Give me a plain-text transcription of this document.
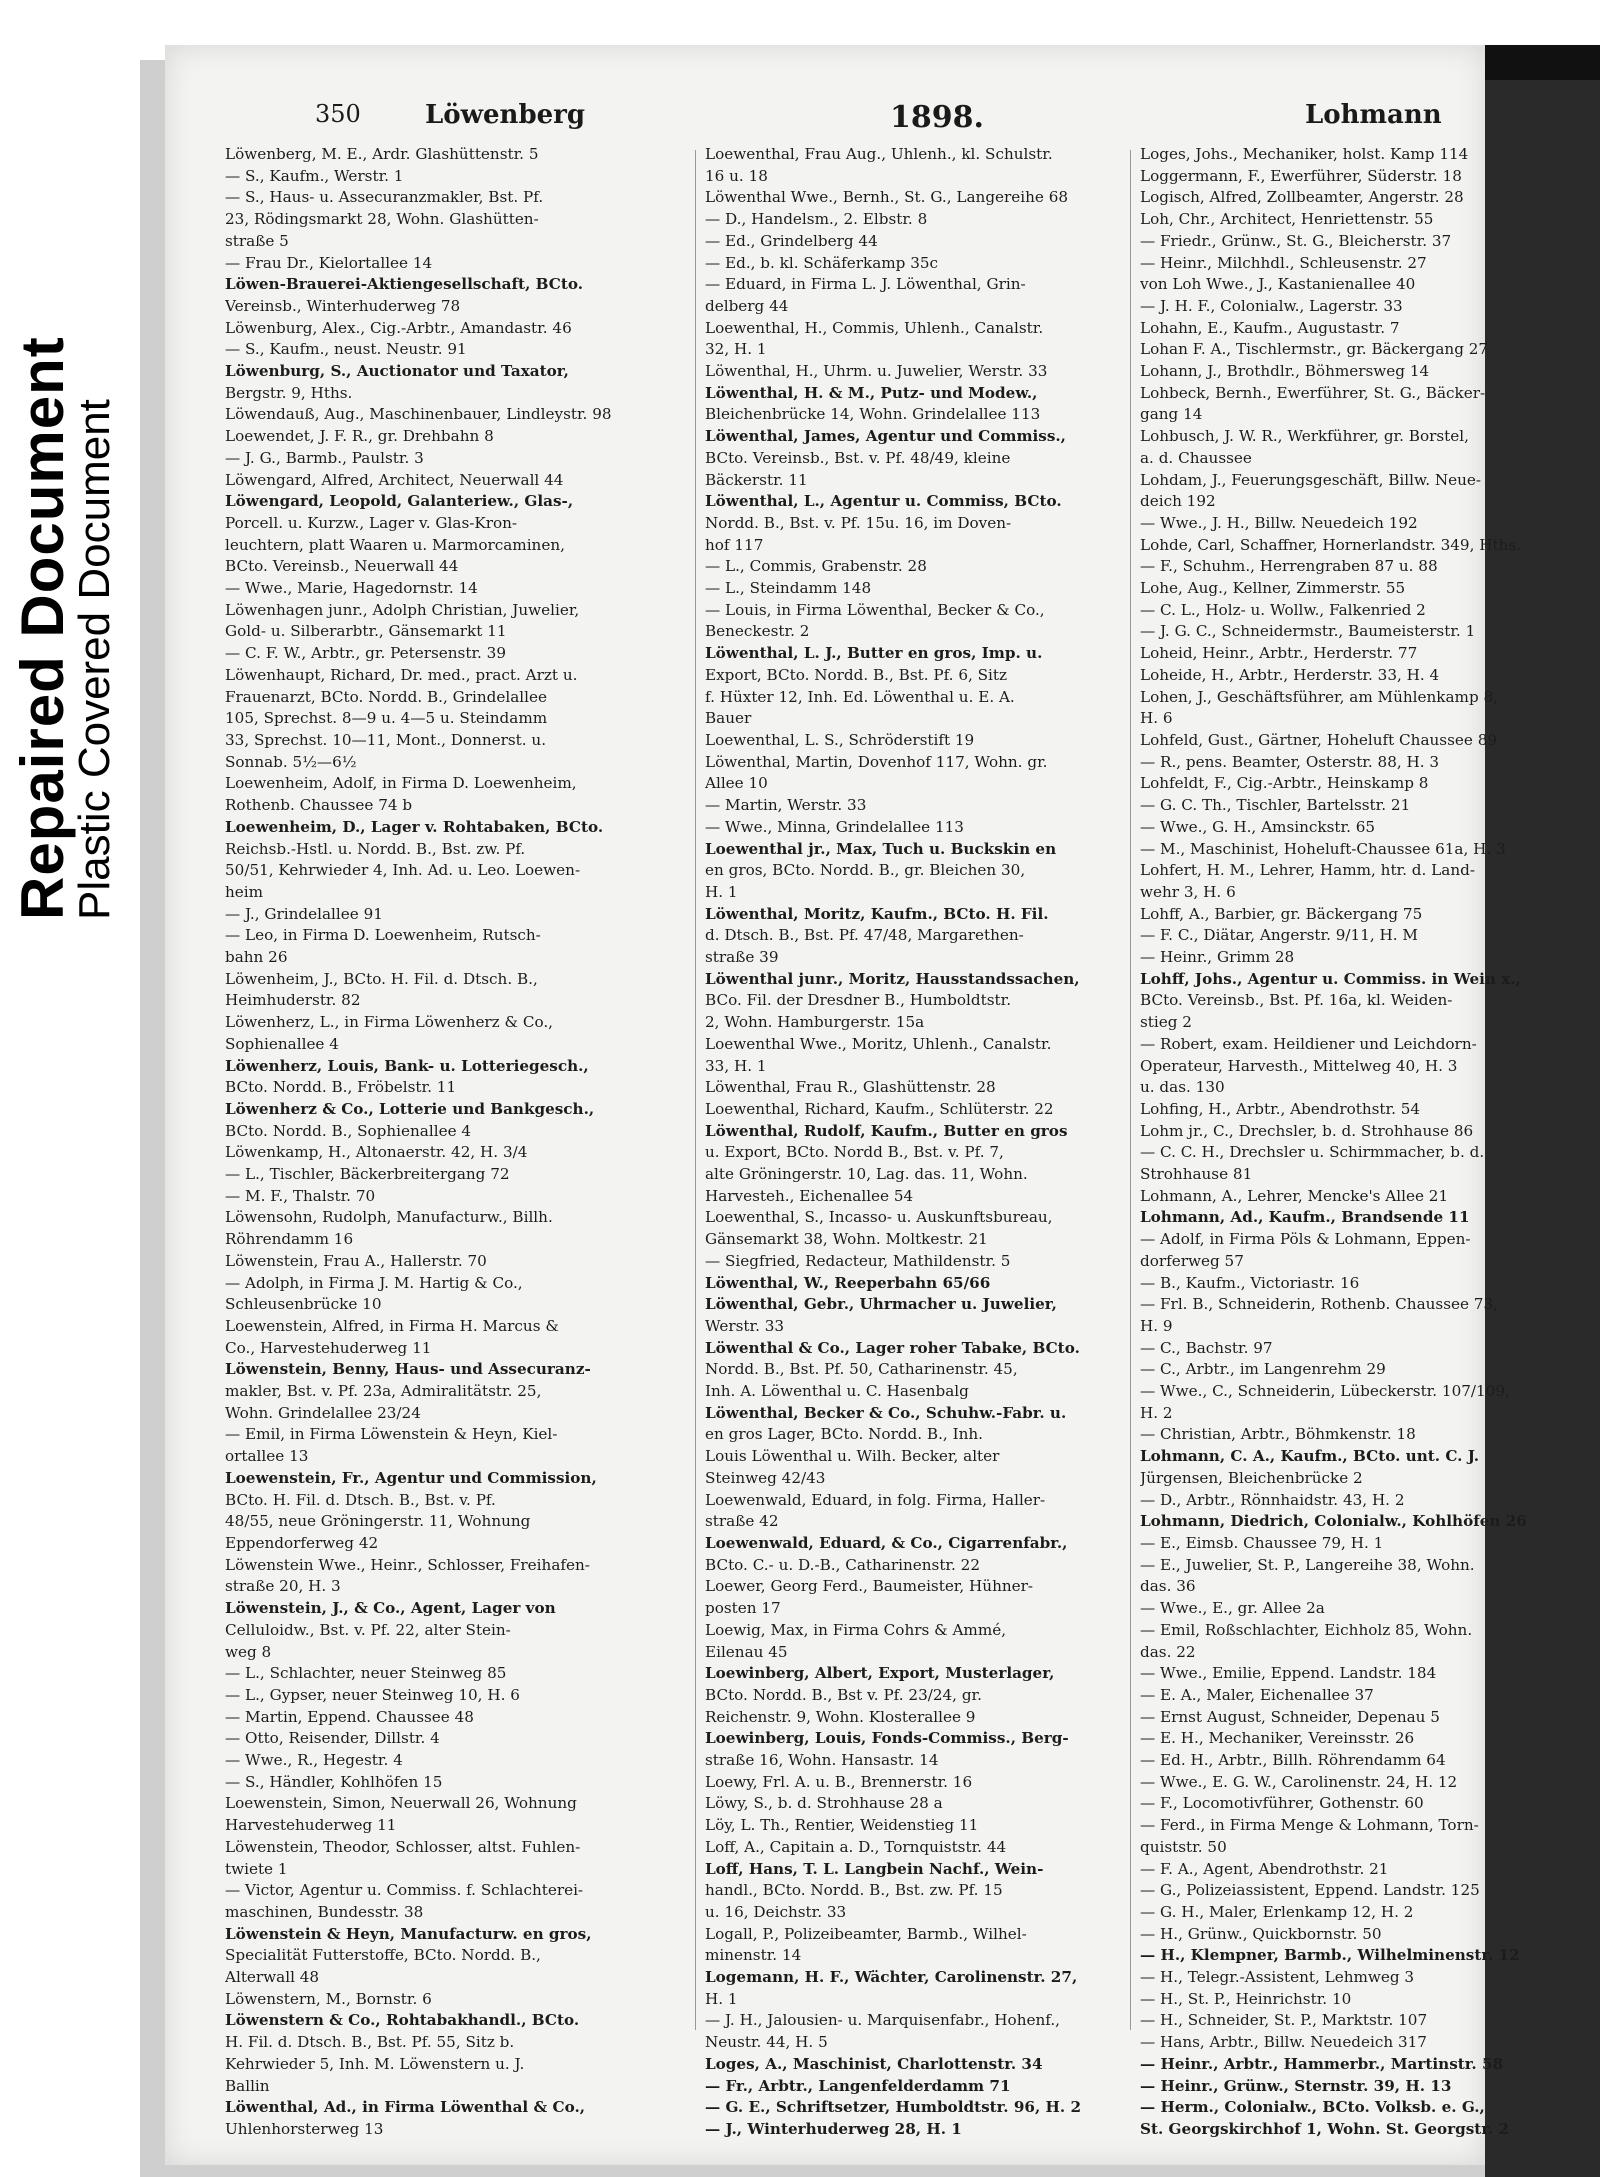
Repaired Document
Plastic Covered Document
350 Löwenberg	1898.	Lohmann
Löwenberg, M. E., Ardr. Glashüttenstr. 5
— S., Kaufm., Werstr. 1
— S., Haus- u. Assecuranzmakler, Bst. Pf.
23, Rödingsmarkt 28, Wohn. Glashütten-
straße 5
— Frau Dr., Kielortallee 14
Löwen-Brauerei-Aktiengesellschaft, BCto.
Vereinsb., Winterhuderweg 78
Löwenburg, Alex., Cig.-Arbtr., Amandastr. 46
— S., Kaufm., neust. Neustr. 91
Löwenburg, S., Auctionator und Taxator,
Bergstr. 9, Hths.
Löwendauß, Aug., Maschinenbauer, Lindleystr. 98
Loewendet, J. F. R., gr. Drehbahn 8
— J. G., Barmb., Paulstr. 3
Löwengard, Alfred, Architect, Neuerwall 44
Löwengard, Leopold, Galanteriew., Glas-,
Porcell. u. Kurzw., Lager v. Glas-Kron-
leuchtern, platt Waaren u. Marmorcaminen,
BCto. Vereinsb., Neuerwall 44
— Wwe., Marie, Hagedornstr. 14
Löwenhagen junr., Adolph Christian, Juwelier,
Gold- u. Silberarbtr., Gänsemarkt 11
— C. F. W., Arbtr., gr. Petersenstr. 39
Löwenhaupt, Richard, Dr. med., pract. Arzt u.
Frauenarzt, BCto. Nordd. B., Grindelallee
105, Sprechst. 8—9 u. 4—5 u. Steindamm
33, Sprechst. 10—11, Mont., Donnerst. u.
Sonnab. 5½—6½
Loewenheim, Adolf, in Firma D. Loewenheim,
Rothenb. Chaussee 74 b
Loewenheim, D., Lager v. Rohtabaken, BCto.
Reichsb.-Hstl. u. Nordd. B., Bst. zw. Pf.
50/51, Kehrwieder 4, Inh. Ad. u. Leo. Loewen-
heim
— J., Grindelallee 91
— Leo, in Firma D. Loewenheim, Rutsch-
bahn 26
Löwenheim, J., BCto. H. Fil. d. Dtsch. B.,
Heimhuderstr. 82
Löwenherz, L., in Firma Löwenherz & Co.,
Sophienallee 4
Löwenherz, Louis, Bank- u. Lotteriegesch.,
BCto. Nordd. B., Fröbelstr. 11
Löwenherz & Co., Lotterie und Bankgesch.,
BCto. Nordd. B., Sophienallee 4
Löwenkamp, H., Altonaerstr. 42, H. 3/4
— L., Tischler, Bäckerbreitergang 72
— M. F., Thalstr. 70
Löwensohn, Rudolph, Manufacturw., Billh.
Röhrendamm 16
Löwenstein, Frau A., Hallerstr. 70
— Adolph, in Firma J. M. Hartig & Co.,
Schleusenbrücke 10
Loewenstein, Alfred, in Firma H. Marcus &
Co., Harvestehuderweg 11
Löwenstein, Benny, Haus- und Assecuranz-
makler, Bst. v. Pf. 23a, Admiralitätstr. 25,
Wohn. Grindelallee 23/24
— Emil, in Firma Löwenstein & Heyn, Kiel-
ortallee 13
Loewenstein, Fr., Agentur und Commission,
BCto. H. Fil. d. Dtsch. B., Bst. v. Pf.
48/55, neue Gröningerstr. 11, Wohnung
Eppendorferweg 42
Löwenstein Wwe., Heinr., Schlosser, Freihafen-
straße 20, H. 3
Löwenstein, J., & Co., Agent, Lager von
Celluloidw., Bst. v. Pf. 22, alter Stein-
weg 8
— L., Schlachter, neuer Steinweg 85
— L., Gypser, neuer Steinweg 10, H. 6
— Martin, Eppend. Chaussee 48
— Otto, Reisender, Dillstr. 4
— Wwe., R., Hegestr. 4
— S., Händler, Kohlhöfen 15
Loewenstein, Simon, Neuerwall 26, Wohnung
Harvestehuderweg 11
Löwenstein, Theodor, Schlosser, altst. Fuhlen-
twiete 1
— Victor, Agentur u. Commiss. f. Schlachterei-
maschinen, Bundesstr. 38
Löwenstein & Heyn, Manufacturw. en gros,
Specialität Futterstoffe, BCto. Nordd. B.,
Alterwall 48
Löwenstern, M., Bornstr. 6
Löwenstern & Co., Rohtabakhandl., BCto.
H. Fil. d. Dtsch. B., Bst. Pf. 55, Sitz b.
Kehrwieder 5, Inh. M. Löwenstern u. J.
Ballin
Löwenthal, Ad., in Firma Löwenthal & Co.,
Uhlenhorsterweg 13
Loewenthal, Frau Aug., Uhlenh., kl. Schulstr.
16 u. 18
Löwenthal Wwe., Bernh., St. G., Langereihe 68
— D., Handelsm., 2. Elbstr. 8
— Ed., Grindelberg 44
— Ed., b. kl. Schäferkamp 35c
— Eduard, in Firma L. J. Löwenthal, Grin-
delberg 44
Loewenthal, H., Commis, Uhlenh., Canalstr.
32, H. 1
Löwenthal, H., Uhrm. u. Juwelier, Werstr. 33
Löwenthal, H. & M., Putz- und Modew.,
Bleichenbrücke 14, Wohn. Grindelallee 113
Löwenthal, James, Agentur und Commiss.,
BCto. Vereinsb., Bst. v. Pf. 48/49, kleine
Bäckerstr. 11
Löwenthal, L., Agentur u. Commiss, BCto.
Nordd. B., Bst. v. Pf. 15u. 16, im Doven-
hof 117
— L., Commis, Grabenstr. 28
— L., Steindamm 148
— Louis, in Firma Löwenthal, Becker & Co.,
Beneckestr. 2
Löwenthal, L. J., Butter en gros, Imp. u.
Export, BCto. Nordd. B., Bst. Pf. 6, Sitz
f. Hüxter 12, Inh. Ed. Löwenthal u. E. A.
Bauer
Loewenthal, L. S., Schröderstift 19
Löwenthal, Martin, Dovenhof 117, Wohn. gr.
Allee 10
— Martin, Werstr. 33
— Wwe., Minna, Grindelallee 113
Loewenthal jr., Max, Tuch u. Buckskin en
en gros, BCto. Nordd. B., gr. Bleichen 30,
H. 1
Löwenthal, Moritz, Kaufm., BCto. H. Fil.
d. Dtsch. B., Bst. Pf. 47/48, Margarethen-
straße 39
Löwenthal junr., Moritz, Hausstandssachen,
BCo. Fil. der Dresdner B., Humboldtstr.
2, Wohn. Hamburgerstr. 15a
Loewenthal Wwe., Moritz, Uhlenh., Canalstr.
33, H. 1
Löwenthal, Frau R., Glashüttenstr. 28
Loewenthal, Richard, Kaufm., Schlüterstr. 22
Löwenthal, Rudolf, Kaufm., Butter en gros
u. Export, BCto. Nordd B., Bst. v. Pf. 7,
alte Gröningerstr. 10, Lag. das. 11, Wohn.
Harvesteh., Eichenallee 54
Loewenthal, S., Incasso- u. Auskunftsbureau,
Gänsemarkt 38, Wohn. Moltkestr. 21
— Siegfried, Redacteur, Mathildenstr. 5
Löwenthal, W., Reeperbahn 65/66
Löwenthal, Gebr., Uhrmacher u. Juwelier,
Werstr. 33
Löwenthal & Co., Lager roher Tabake, BCto.
Nordd. B., Bst. Pf. 50, Catharinenstr. 45,
Inh. A. Löwenthal u. C. Hasenbalg
Löwenthal, Becker & Co., Schuhw.-Fabr. u.
en gros Lager, BCto. Nordd. B., Inh.
Louis Löwenthal u. Wilh. Becker, alter
Steinweg 42/43
Loewenwald, Eduard, in folg. Firma, Haller-
straße 42
Loewenwald, Eduard, & Co., Cigarrenfabr.,
BCto. C.- u. D.-B., Catharinenstr. 22
Loewer, Georg Ferd., Baumeister, Hühner-
posten 17
Loewig, Max, in Firma Cohrs & Ammé,
Eilenau 45
Loewinberg, Albert, Export, Musterlager,
BCto. Nordd. B., Bst v. Pf. 23/24, gr.
Reichenstr. 9, Wohn. Klosterallee 9
Loewinberg, Louis, Fonds-Commiss., Berg-
straße 16, Wohn. Hansastr. 14
Loewy, Frl. A. u. B., Brennerstr. 16
Löwy, S., b. d. Strohhause 28 a
Löy, L. Th., Rentier, Weidenstieg 11
Loff, A., Capitain a. D., Tornquiststr. 44
Loff, Hans, T. L. Langbein Nachf., Wein-
handl., BCto. Nordd. B., Bst. zw. Pf. 15
u. 16, Deichstr. 33
Logall, P., Polizeibeamter, Barmb., Wilhel-
minenstr. 14
Logemann, H. F., Wächter, Carolinenstr. 27,
H. 1
— J. H., Jalousien- u. Marquisenfabr., Hohenf.,
Neustr. 44, H. 5
Loges, A., Maschinist, Charlottenstr. 34
— Fr., Arbtr., Langenfelderdamm 71
— G. E., Schriftsetzer, Humboldtstr. 96, H. 2
— J., Winterhuderweg 28, H. 1
Loges, Johs., Mechaniker, holst. Kamp 114
Loggermann, F., Ewerführer, Süderstr. 18
Logisch, Alfred, Zollbeamter, Angerstr. 28
Loh, Chr., Architect, Henriettenstr. 55
— Friedr., Grünw., St. G., Bleicherstr. 37
— Heinr., Milchhdl., Schleusenstr. 27
von Loh Wwe., J., Kastanienallee 40
— J. H. F., Colonialw., Lagerstr. 33
Lohahn, E., Kaufm., Augustastr. 7
Lohan F. A., Tischlermstr., gr. Bäckergang 27
Lohann, J., Brothdlr., Böhmersweg 14
Lohbeck, Bernh., Ewerführer, St. G., Bäcker-
gang 14
Lohbusch, J. W. R., Werkführer, gr. Borstel,
a. d. Chaussee
Lohdam, J., Feuerungsgeschäft, Billw. Neue-
deich 192
— Wwe., J. H., Billw. Neuedeich 192
Lohde, Carl, Schaffner, Hornerlandstr. 349, Hths.
— F., Schuhm., Herrengraben 87 u. 88
Lohe, Aug., Kellner, Zimmerstr. 55
— C. L., Holz- u. Wollw., Falkenried 2
— J. G. C., Schneidermstr., Baumeisterstr. 1
Loheid, Heinr., Arbtr., Herderstr. 77
Loheide, H., Arbtr., Herderstr. 33, H. 4
Lohen, J., Geschäftsführer, am Mühlenkamp 8,
H. 6
Lohfeld, Gust., Gärtner, Hoheluft Chaussee 89
— R., pens. Beamter, Osterstr. 88, H. 3
Lohfeldt, F., Cig.-Arbtr., Heinskamp 8
— G. C. Th., Tischler, Bartelsstr. 21
— Wwe., G. H., Amsinckstr. 65
— M., Maschinist, Hoheluft-Chaussee 61a, H. 3
Lohfert, H. M., Lehrer, Hamm, htr. d. Land-
wehr 3, H. 6
Lohff, A., Barbier, gr. Bäckergang 75
— F. C., Diätar, Angerstr. 9/11, H. M
— Heinr., Grimm 28
Lohff, Johs., Agentur u. Commiss. in Wein x.,
BCto. Vereinsb., Bst. Pf. 16a, kl. Weiden-
stieg 2
— Robert, exam. Heildiener und Leichdorn-
Operateur, Harvesth., Mittelweg 40, H. 3
u. das. 130
Lohfing, H., Arbtr., Abendrothstr. 54
Lohm jr., C., Drechsler, b. d. Strohhause 86
— C. C. H., Drechsler u. Schirmmacher, b. d.
Strohhause 81
Lohmann, A., Lehrer, Mencke's Allee 21
Lohmann, Ad., Kaufm., Brandsende 11
— Adolf, in Firma Pöls & Lohmann, Eppen-
dorferweg 57
— B., Kaufm., Victoriastr. 16
— Frl. B., Schneiderin, Rothenb. Chaussee 73,
H. 9
— C., Bachstr. 97
— C., Arbtr., im Langenrehm 29
— Wwe., C., Schneiderin, Lübeckerstr. 107/109,
H. 2
— Christian, Arbtr., Böhmkenstr. 18
Lohmann, C. A., Kaufm., BCto. unt. C. J.
Jürgensen, Bleichenbrücke 2
— D., Arbtr., Rönnhaidstr. 43, H. 2
Lohmann, Diedrich, Colonialw., Kohlhöfen 26
— E., Eimsb. Chaussee 79, H. 1
— E., Juwelier, St. P., Langereihe 38, Wohn.
das. 36
— Wwe., E., gr. Allee 2a
— Emil, Roßschlachter, Eichholz 85, Wohn.
das. 22
— Wwe., Emilie, Eppend. Landstr. 184
— E. A., Maler, Eichenallee 37
— Ernst August, Schneider, Depenau 5
— E. H., Mechaniker, Vereinsstr. 26
— Ed. H., Arbtr., Billh. Röhrendamm 64
— Wwe., E. G. W., Carolinenstr. 24, H. 12
— F., Locomotivführer, Gothenstr. 60
— Ferd., in Firma Menge & Lohmann, Torn-
quiststr. 50
— F. A., Agent, Abendrothstr. 21
— G., Polizeiassistent, Eppend. Landstr. 125
— G. H., Maler, Erlenkamp 12, H. 2
— H., Grünw., Quickbornstr. 50
— H., Klempner, Barmb., Wilhelminenstr. 12
— H., Telegr.-Assistent, Lehmweg 3
— H., St. P., Heinrichstr. 10
— H., Schneider, St. P., Marktstr. 107
— Hans, Arbtr., Billw. Neuedeich 317
— Heinr., Arbtr., Hammerbr., Martinstr. 58
— Heinr., Grünw., Sternstr. 39, H. 13
— Herm., Colonialw., BCto. Volksb. e. G.,
St. Georgskirchhof 1, Wohn. St. Georgstr. 2
